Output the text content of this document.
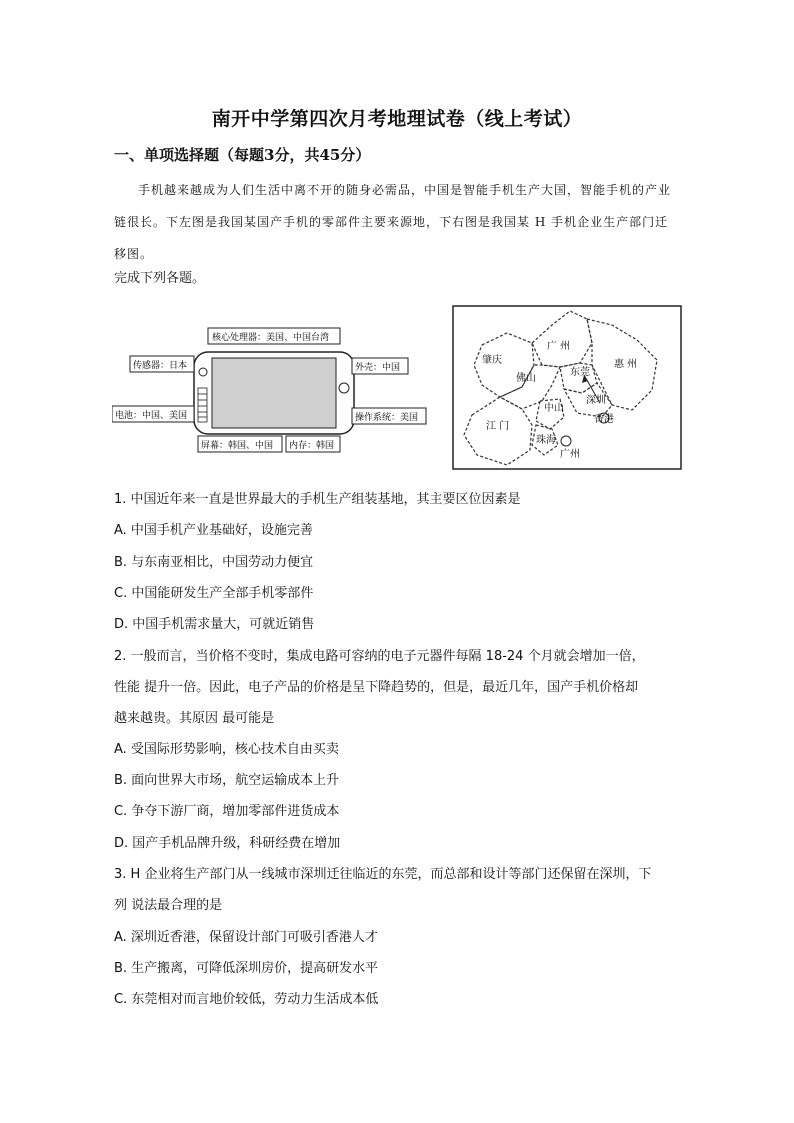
南开中学第四次月考地理试卷（线上考试）
一、单项选择题（每题3分，共45分）
手机越来越成为人们生活中离不开的随身必需品，中国是智能手机生产大国，智能手机的产业链很长。下左图是我国某国产手机的零部件主要来源地，下右图是我国某 H 手机企业生产部门迁移图。
完成下列各题。
核心处理器：美国、中国台湾
传感器：日本	外壳：中国
电池：中国、美国	操作系统：美国
屏幕：韩国、中国 内存：韩国
肇庆
广 州
惠 州
佛山
东莞
深圳
中山
香港
江 门
珠海
广州
1. 中国近年来一直是世界最大的手机生产组装基地，其主要区位因素是
A. 中国手机产业基础好，设施完善
B. 与东南亚相比，中国劳动力便宜
C. 中国能研发生产全部手机零部件
D. 中国手机需求量大，可就近销售
2. 一般而言，当价格不变时，集成电路可容纳的电子元器件每隔 18-24 个月就会增加一倍，
性能 提升一倍。因此，电子产品的价格是呈下降趋势的，但是，最近几年，国产手机价格却
越来越贵。其原因 最可能是
A. 受国际形势影响，核心技术自由买卖
B. 面向世界大市场，航空运输成本上升
C. 争夺下游厂商，增加零部件进货成本
D. 国产手机品牌升级，科研经费在增加
3. H 企业将生产部门从一线城市深圳迁往临近的东莞，而总部和设计等部门还保留在深圳，下
列 说法最合理的是
A. 深圳近香港，保留设计部门可吸引香港人才
B. 生产搬离，可降低深圳房价，提高研发水平
C. 东莞相对而言地价较低，劳动力生活成本低
